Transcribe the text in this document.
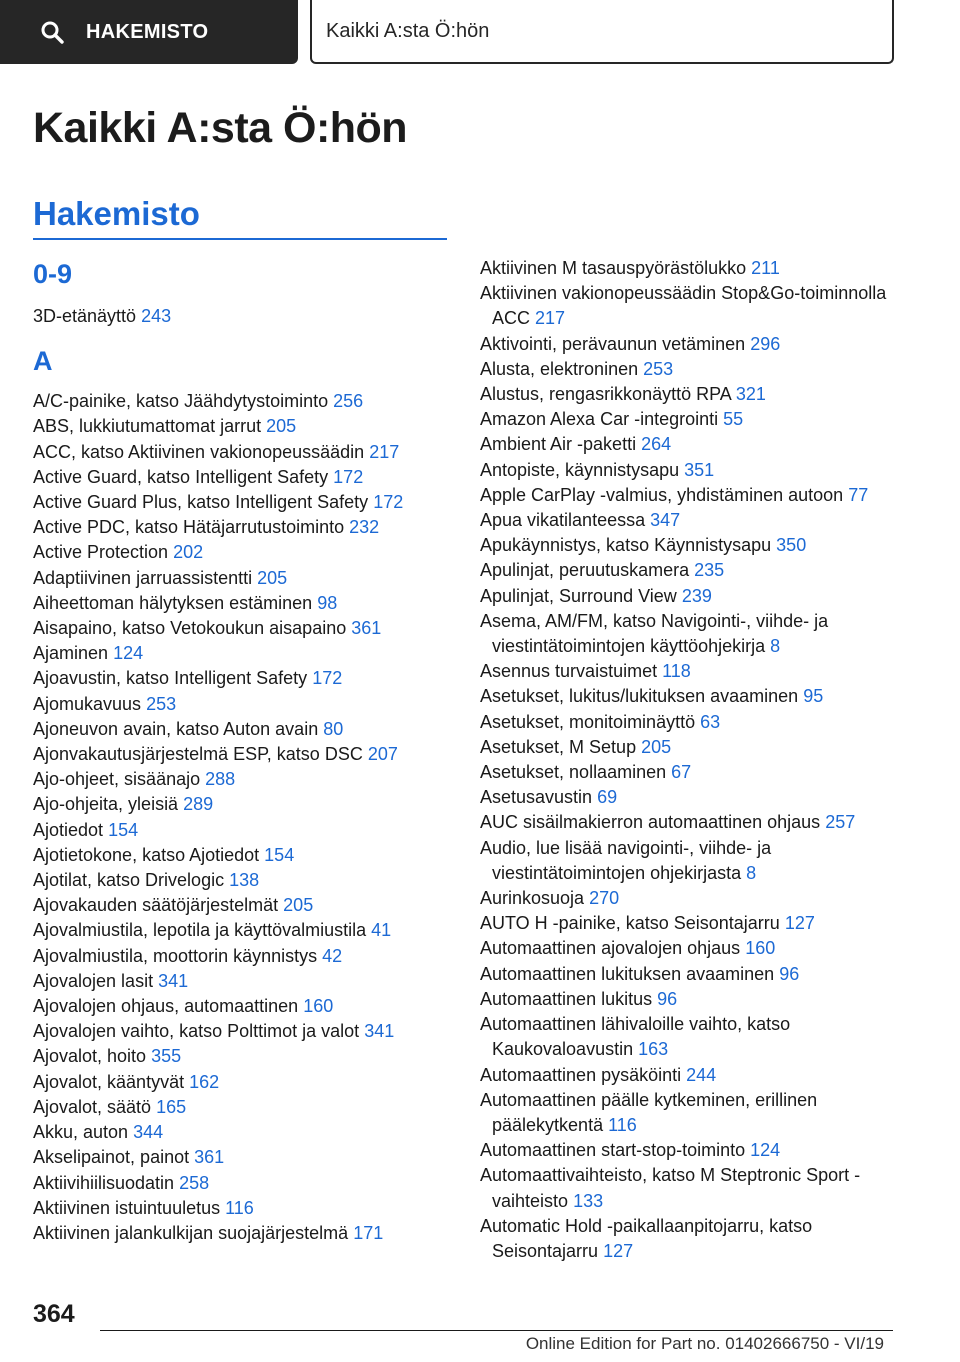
HAKEMISTO	Kaikki A:sta Ö:hön
Kaikki A:sta Ö:hön
Hakemisto
0-9
3D-etänäyttö 243
A
A/C-painike, katso Jäähdytystoiminto 256
ABS, lukkiutumattomat jarrut 205
ACC, katso Aktiivinen vakionopeussäädin 217
Active Guard, katso Intelligent Safety 172
Active Guard Plus, katso Intelligent Safety 172
Active PDC, katso Hätäjarrutustoiminto 232
Active Protection 202
Adaptiivinen jarruassistentti 205
Aiheettoman hälytyksen estäminen 98
Aisapaino, katso Vetokoukun aisapaino 361
Ajaminen 124
Ajoavustin, katso Intelligent Safety 172
Ajomukavuus 253
Ajoneuvon avain, katso Auton avain 80
Ajonvakautusjärjestelmä ESP, katso DSC 207
Ajo-ohjeet, sisäänajo 288
Ajo-ohjeita, yleisiä 289
Ajotiedot 154
Ajotietokone, katso Ajotiedot 154
Ajotilat, katso Drivelogic 138
Ajovakauden säätöjärjestelmät 205
Ajovalmiustila, lepotila ja käyttövalmiustila 41
Ajovalmiustila, moottorin käynnistys 42
Ajovalojen lasit 341
Ajovalojen ohjaus, automaattinen 160
Ajovalojen vaihto, katso Polttimot ja valot 341
Ajovalot, hoito 355
Ajovalot, kääntyvät 162
Ajovalot, säätö 165
Akku, auton 344
Akselipainot, painot 361
Aktiivihiilisuodatin 258
Aktiivinen istuintuuletus 116
Aktiivinen jalankulkijan suojajärjestelmä 171
Aktiivinen M tasauspyörästölukko 211
Aktiivinen vakionopeussäädin Stop&Go-toiminnolla ACC 217
Aktivointi, perävaunun vetäminen 296
Alusta, elektroninen 253
Alustus, rengasrikkonäyttö RPA 321
Amazon Alexa Car -integrointi 55
Ambient Air -paketti 264
Antopiste, käynnistysapu 351
Apple CarPlay -valmius, yhdistäminen autoon 77
Apua vikatilanteessa 347
Apukäynnistys, katso Käynnistysapu 350
Apulinjat, peruutuskamera 235
Apulinjat, Surround View 239
Asema, AM/FM, katso Navigointi-, viihde- ja viestintätoimintojen käyttöohjekirja 8
Asennus turvaistuimet 118
Asetukset, lukitus/lukituksen avaaminen 95
Asetukset, monitoiminäyttö 63
Asetukset, M Setup 205
Asetukset, nollaaminen 67
Asetusavustin 69
AUC sisäilmakierron automaattinen ohjaus 257
Audio, lue lisää navigointi-, viihde- ja viestintätoimintojen ohjekirjasta 8
Aurinkosuoja 270
AUTO H -painike, katso Seisontajarru 127
Automaattinen ajovalojen ohjaus 160
Automaattinen lukituksen avaaminen 96
Automaattinen lukitus 96
Automaattinen lähivaloille vaihto, katso Kaukovaloavustin 163
Automaattinen pysäköinti 244
Automaattinen päälle kytkeminen, erillinen päälekytkentä 116
Automaattinen start-stop-toiminto 124
Automaattivaihteisto, katso M Steptronic Sport -vaihteisto 133
Automatic Hold -paikallaanpitojarru, katso Seisontajarru 127
364
Online Edition for Part no. 01402666750 - VI/19
